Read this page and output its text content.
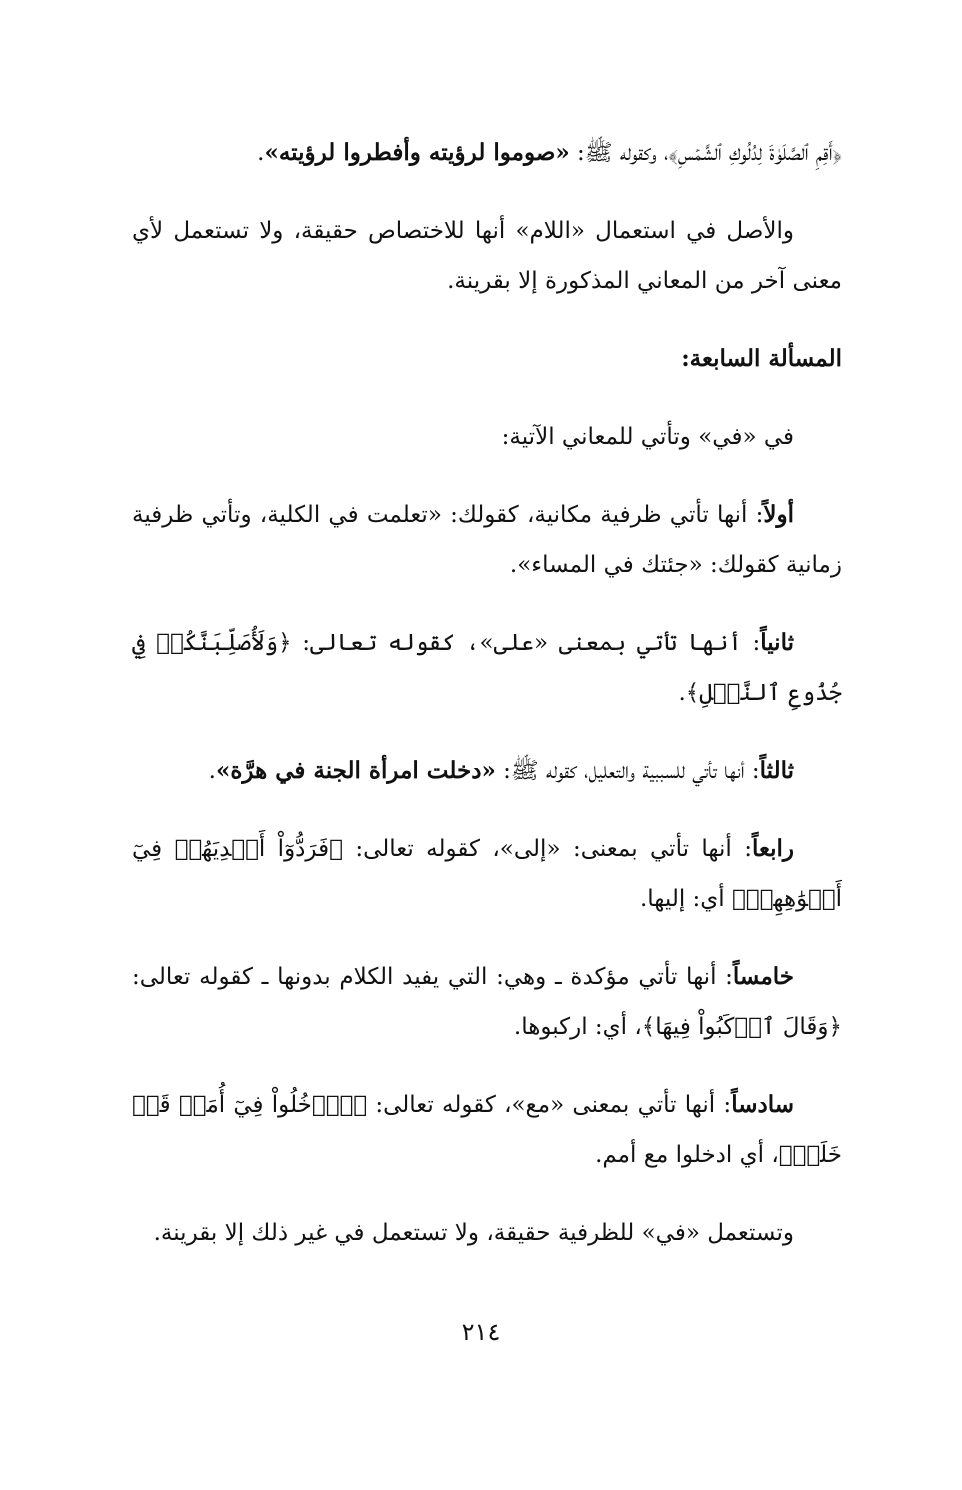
﴿أَقِمِ ٱلصَّلَوٰةَ لِدُلُوكِ ٱلشَّمۡسِ﴾، وكقوله ﷺ: «صوموا لرؤيته وأفطروا لرؤيته».

والأصل في استعمال «اللام» أنها للاختصاص حقيقة، ولا تستعمل لأي معنى آخر من المعاني المذكورة إلا بقرينة.

المسألة السابعة:

في «في» وتأتي للمعاني الآتية:

أولاً: أنها تأتي ظرفية مكانية، كقولك: «تعلمت في الكلية، وتأتي ظرفية زمانية كقولك: «جئتك في المساء».

ثانياً: أنها تأتي بمعنى «على»، كقوله تعالى: ﴿وَلَأُصَلِّبَنَّكُمۡ فِي جُذُوعِ ٱلنَّخۡلِ﴾.

ثالثاً: أنها تأتي للسببية والتعليل، كقوله ﷺ: «دخلت امرأة الجنة في هرَّة».

رابعاً: أنها تأتي بمعنى: «إلى»، كقوله تعالى: ﴿فَرَدُّوٓاْ أَيۡدِيَهُمۡ فِيٓ أَفۡوَٰهِهِمۡ﴾ أي: إليها.

خامساً: أنها تأتي مؤكدة ـ وهي: التي يفيد الكلام بدونها ـ كقوله تعالى: ﴿وَقَالَ ٱرۡكَبُواْ فِيهَا﴾، أي: اركبوها.

سادساً: أنها تأتي بمعنى «مع»، كقوله تعالى: ﴿ٱدۡخُلُواْ فِيٓ أُمَمٖ قَدۡ خَلَتۡ﴾، أي ادخلوا مع أمم.

وتستعمل «في» للظرفية حقيقة، ولا تستعمل في غير ذلك إلا بقرينة.

٢١٤
